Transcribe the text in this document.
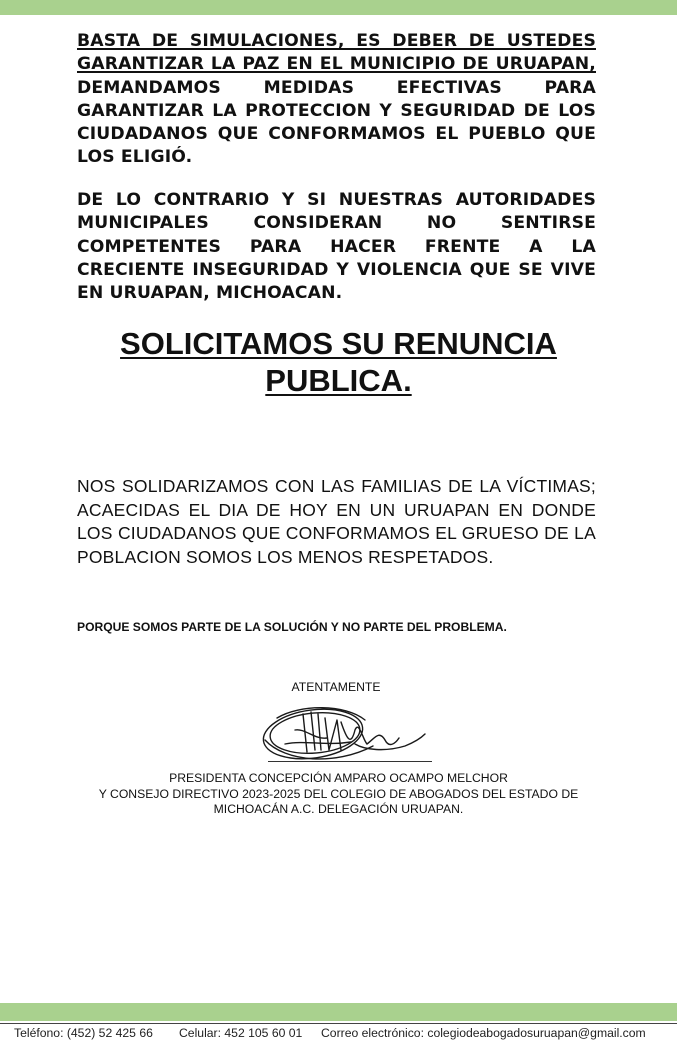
BASTA DE SIMULACIONES, ES DEBER DE USTEDES GARANTIZAR LA PAZ EN EL MUNICIPIO DE URUAPAN, DEMANDAMOS MEDIDAS EFECTIVAS PARA GARANTIZAR LA PROTECCION Y SEGURIDAD DE LOS CIUDADANOS QUE CONFORMAMOS EL PUEBLO QUE LOS ELIGIÓ.
DE LO CONTRARIO Y SI NUESTRAS AUTORIDADES MUNICIPALES CONSIDERAN NO SENTIRSE COMPETENTES PARA HACER FRENTE A LA CRECIENTE INSEGURIDAD Y VIOLENCIA QUE SE VIVE EN URUAPAN, MICHOACAN.
SOLICITAMOS SU RENUNCIA
PUBLICA.
NOS SOLIDARIZAMOS CON LAS FAMILIAS DE LA VÍCTIMAS; ACAECIDAS EL DIA DE HOY EN UN URUAPAN EN DONDE LOS CIUDADANOS QUE CONFORMAMOS EL GRUESO DE LA POBLACION SOMOS LOS MENOS RESPETADOS.
PORQUE SOMOS PARTE DE LA SOLUCIÓN Y NO PARTE DEL PROBLEMA.
ATENTAMENTE
PRESIDENTA CONCEPCIÓN AMPARO OCAMPO MELCHOR
Y CONSEJO DIRECTIVO 2023-2025 DEL COLEGIO DE ABOGADOS DEL ESTADO DE
MICHOACÁN A.C. DELEGACIÓN URUAPAN.
Teléfono: (452) 52 425 66 Celular: 452 105 60 01 Correo electrónico: colegiodeabogadosuruapan@gmail.com
